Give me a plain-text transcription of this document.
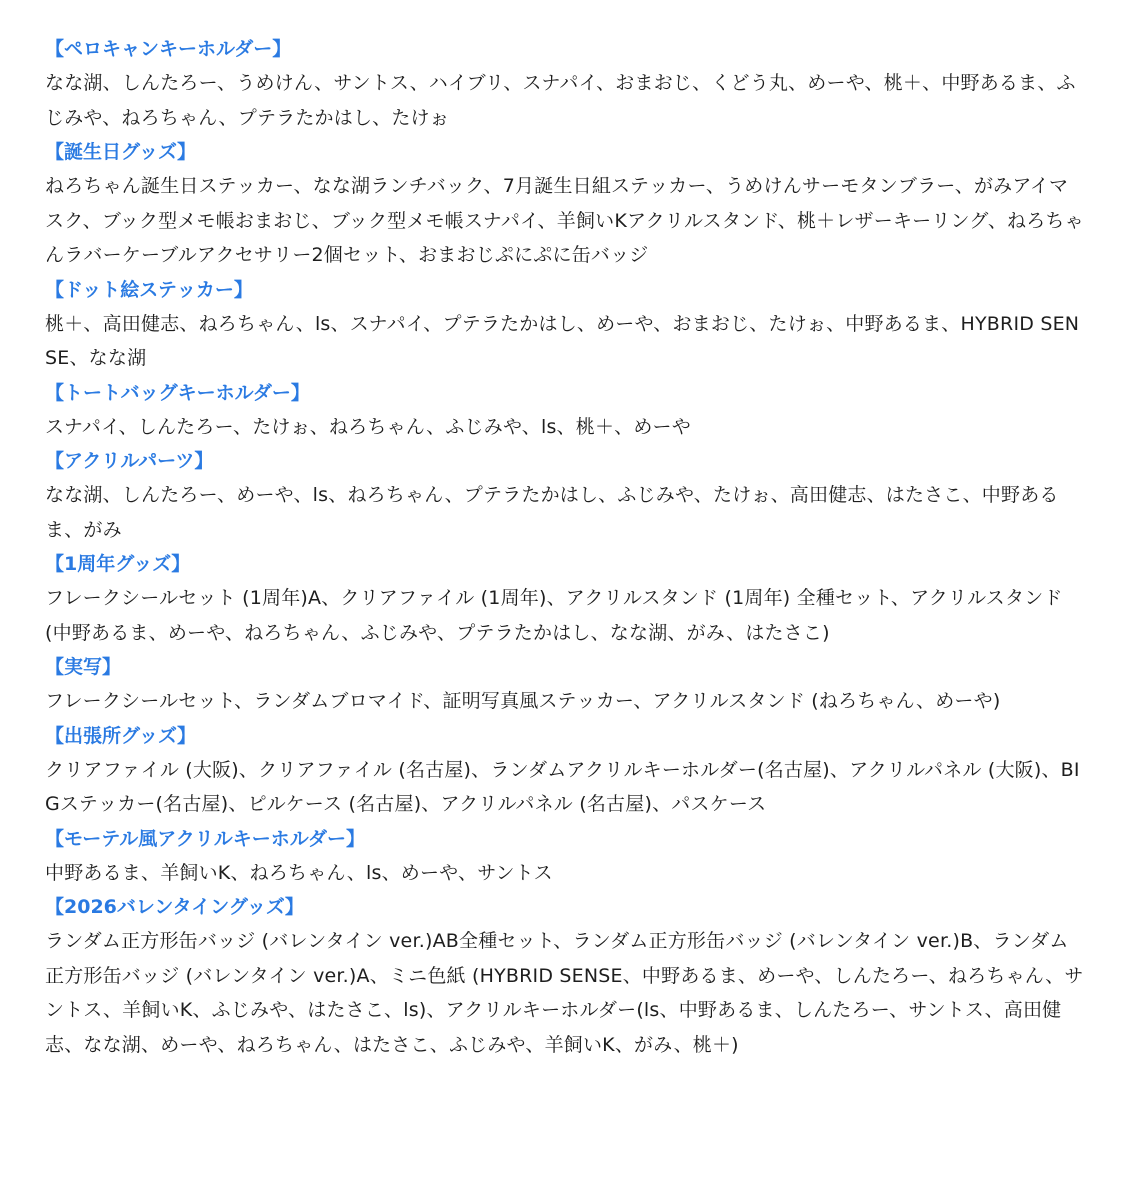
【ペロキャンキーホルダー】
なな湖、しんたろー、うめけん、サントス、ハイブリ、スナパイ、おまおじ、くどう丸、めーや、桃＋、中野あるま、ふじみや、ねろちゃん、プテラたかはし、たけぉ
【誕生日グッズ】
ねろちゃん誕生日ステッカー、なな湖ランチバック、7月誕生日組ステッカー、うめけんサーモタンブラー、がみアイマスク、ブック型メモ帳おまおじ、ブック型メモ帳スナパイ、羊飼いKアクリルスタンド、桃＋レザーキーリング、ねろちゃんラバーケーブルアクセサリー2個セット、おまおじぷにぷに缶バッジ
【ドット絵ステッカー】
桃＋、高田健志、ねろちゃん、ls、スナパイ、プテラたかはし、めーや、おまおじ、たけぉ、中野あるま、HYBRID SENSE、なな湖
【トートバッグキーホルダー】
スナパイ、しんたろー、たけぉ、ねろちゃん、ふじみや、ls、桃＋、めーや
【アクリルパーツ】
なな湖、しんたろー、めーや、ls、ねろちゃん、プテラたかはし、ふじみや、たけぉ、高田健志、はたさこ、中野あるま、がみ
【1周年グッズ】
フレークシールセット (1周年)A、クリアファイル (1周年)、アクリルスタンド (1周年) 全種セット、アクリルスタンド (中野あるま、めーや、ねろちゃん、ふじみや、プテラたかはし、なな湖、がみ、はたさこ)
【実写】
フレークシールセット、ランダムブロマイド、証明写真風ステッカー、アクリルスタンド (ねろちゃん、めーや)
【出張所グッズ】
クリアファイル (大阪)、クリアファイル (名古屋)、ランダムアクリルキーホルダー(名古屋)、アクリルパネル (大阪)、BIGステッカー(名古屋)、ピルケース (名古屋)、アクリルパネル (名古屋)、パスケース
【モーテル風アクリルキーホルダー】
中野あるま、羊飼いK、ねろちゃん、ls、めーや、サントス
【2026バレンタイングッズ】
ランダム正方形缶バッジ (バレンタイン ver.)AB全種セット、ランダム正方形缶バッジ (バレンタイン ver.)B、ランダム正方形缶バッジ (バレンタイン ver.)A、ミニ色紙 (HYBRID SENSE、中野あるま、めーや、しんたろー、ねろちゃん、サントス、羊飼いK、ふじみや、はたさこ、ls)、アクリルキーホルダー(ls、中野あるま、しんたろー、サントス、高田健志、なな湖、めーや、ねろちゃん、はたさこ、ふじみや、羊飼いK、がみ、桃＋)
